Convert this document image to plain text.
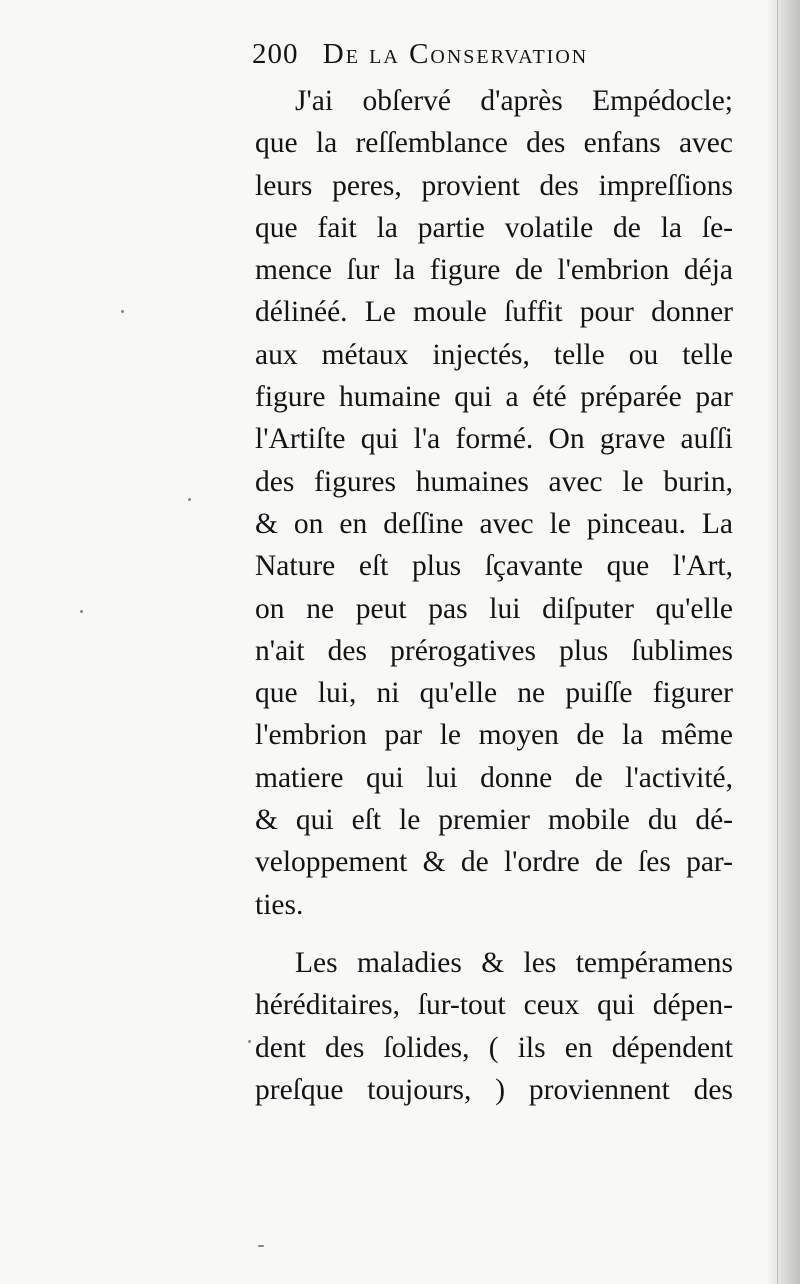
200 De la Conservation
J'ai obſervé d'après Empédocle;
que la reſſemblance des enfans avec
leurs peres, provient des impreſſions
que fait la partie volatile de la ſe-
mence ſur la figure de l'embrion déja
délinéé. Le moule ſuffit pour donner
aux métaux injectés, telle ou telle
figure humaine qui a été préparée par
l'Artiſte qui l'a formé. On grave auſſi
des figures humaines avec le burin,
& on en deſſine avec le pinceau. La
Nature eſt plus ſçavante que l'Art,
on ne peut pas lui diſputer qu'elle
n'ait des prérogatives plus ſublimes
que lui, ni qu'elle ne puiſſe figurer
l'embrion par le moyen de la même
matiere qui lui donne de l'activité,
& qui eſt le premier mobile du dé-
veloppement & de l'ordre de ſes par-
ties.
Les maladies & les tempéramens
héréditaires, ſur-tout ceux qui dépen-
dent des ſolides, ( ils en dépendent
preſque toujours, ) proviennent des
